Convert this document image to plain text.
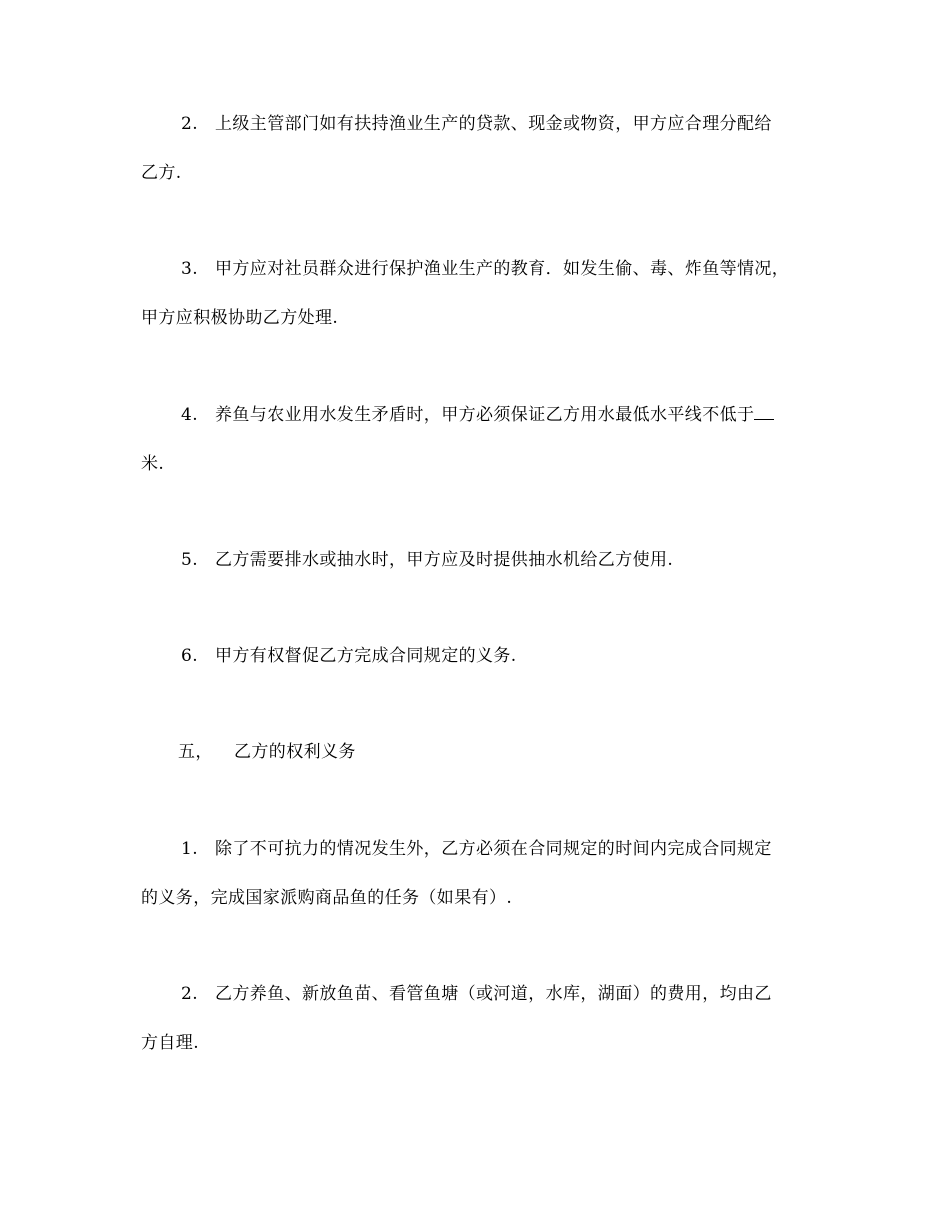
2. 上级主管部门如有扶持渔业生产的贷款、现金或物资，甲方应合理分配给
乙方.
3. 甲方应对社员群众进行保护渔业生产的教育．如发生偷、毒、炸鱼等情况，
甲方应积极协助乙方处理.
4. 养鱼与农业用水发生矛盾时，甲方必须保证乙方用水最低水平线不低于
米.
5. 乙方需要排水或抽水时，甲方应及时提供抽水机给乙方使用.
6. 甲方有权督促乙方完成合同规定的义务.
五， 乙方的权利义务
1. 除了不可抗力的情况发生外，乙方必须在合同规定的时间内完成合同规定
的义务，完成国家派购商品鱼的任务（如果有）.
2. 乙方养鱼、新放鱼苗、看管鱼塘（或河道，水库，湖面）的费用，均由乙
方自理.
